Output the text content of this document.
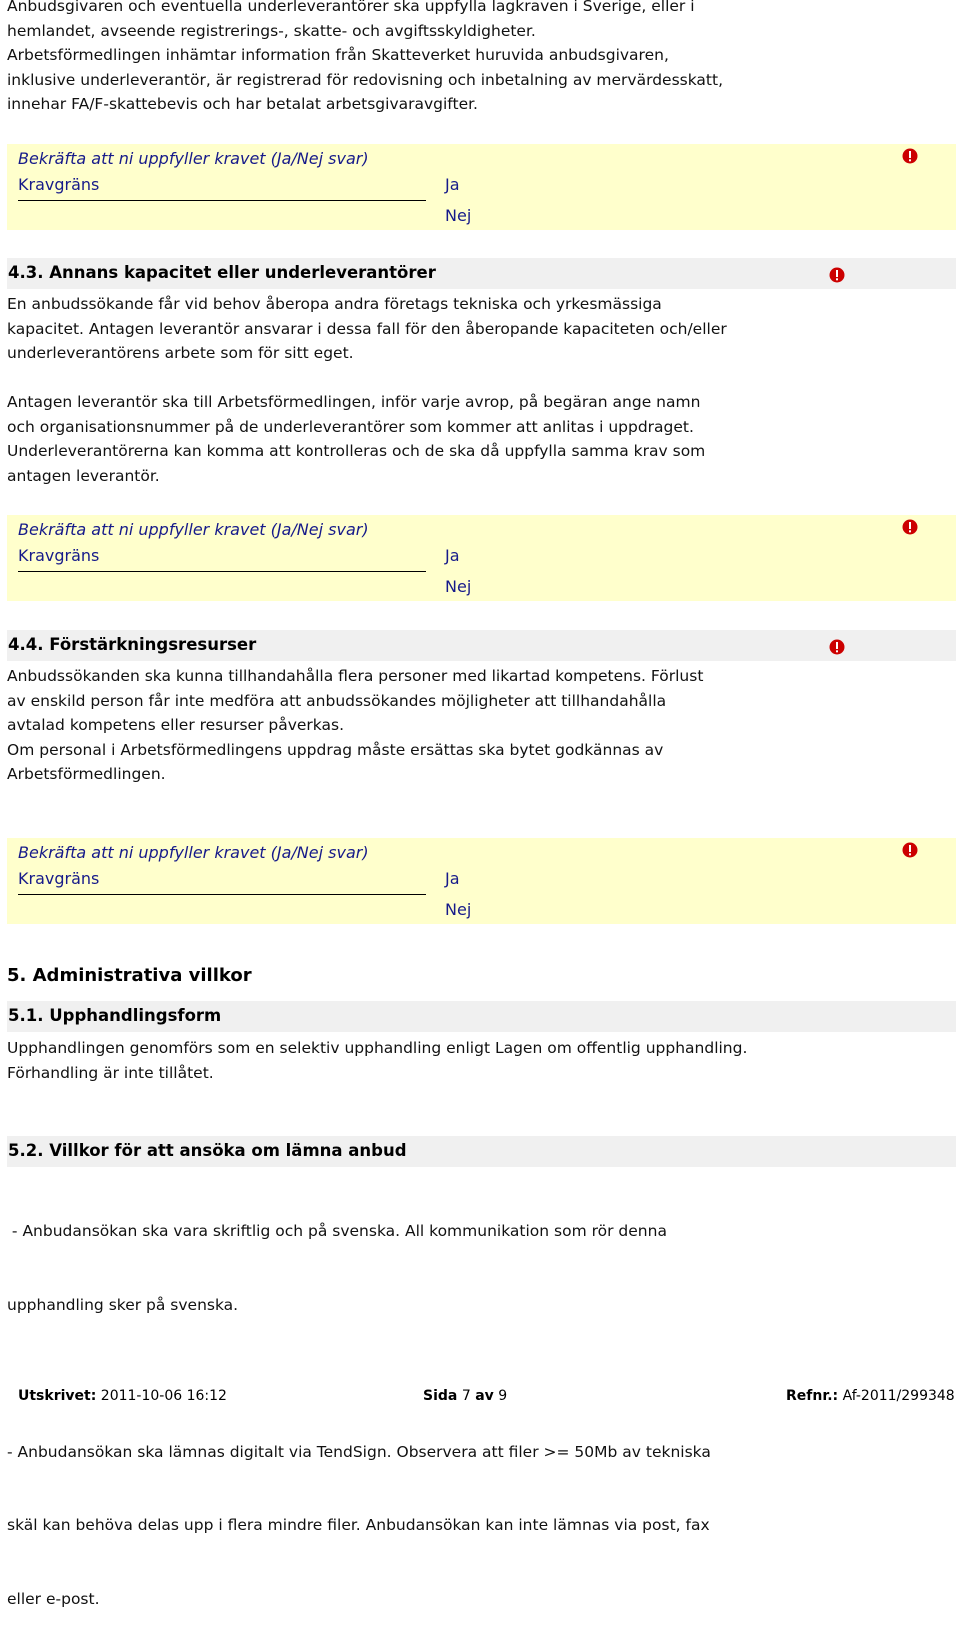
Anbudsgivaren och eventuella underleverantörer ska uppfylla lagkraven i Sverige, eller i

hemlandet, avseende registrerings-, skatte- och avgiftsskyldigheter.

Arbetsförmedlingen inhämtar information från Skatteverket huruvida anbudsgivaren,

inklusive underleverantör, är registrerad för redovisning och inbetalning av mervärdesskatt,

innehar FA/F-skattebevis och har betalat arbetsgivaravgifter.

Bekräfta att ni uppfyller kravet (Ja/Nej svar)
Kravgräns	Ja
Nej
4.3. Annans kapacitet eller underleverantörer

En anbudssökande får vid behov åberopa andra företags tekniska och yrkesmässiga

kapacitet. Antagen leverantör ansvarar i dessa fall för den åberopande kapaciteten och/eller

underleverantörens arbete som för sitt eget.

Antagen leverantör ska till Arbetsförmedlingen, inför varje avrop, på begäran ange namn

och organisationsnummer på de underleverantörer som kommer att anlitas i uppdraget.

Underleverantörerna kan komma att kontrolleras och de ska då uppfylla samma krav som

antagen leverantör.

Bekräfta att ni uppfyller kravet (Ja/Nej svar)
Kravgräns	Ja
Nej
4.4. Förstärkningsresurser

Anbudssökanden ska kunna tillhandahålla flera personer med likartad kompetens. Förlust

av enskild person får inte medföra att anbudssökandes möjligheter att tillhandahålla

avtalad kompetens eller resurser påverkas.

Om personal i Arbetsförmedlingens uppdrag måste ersättas ska bytet godkännas av

Arbetsförmedlingen.

Bekräfta att ni uppfyller kravet (Ja/Nej svar)
Kravgräns	Ja
Nej
5. Administrativa villkor
5.1. Upphandlingsform

Upphandlingen genomförs som en selektiv upphandling enligt Lagen om offentlig upphandling.

Förhandling är inte tillåtet.

5.2. Villkor för att ansöka om lämna anbud

- Anbudansökan ska vara skriftlig och på svenska. All kommunikation som rör denna

upphandling sker på svenska.

- Anbudansökan ska lämnas digitalt via TendSign. Observera att filer >= 50Mb av tekniska

skäl kan behöva delas upp i flera mindre filer. Anbudansökan kan inte lämnas via post, fax

eller e-post.

Utskrivet: 2011-10-06 16:12	Sida 7 av 9	Refnr.: Af-2011/299348
